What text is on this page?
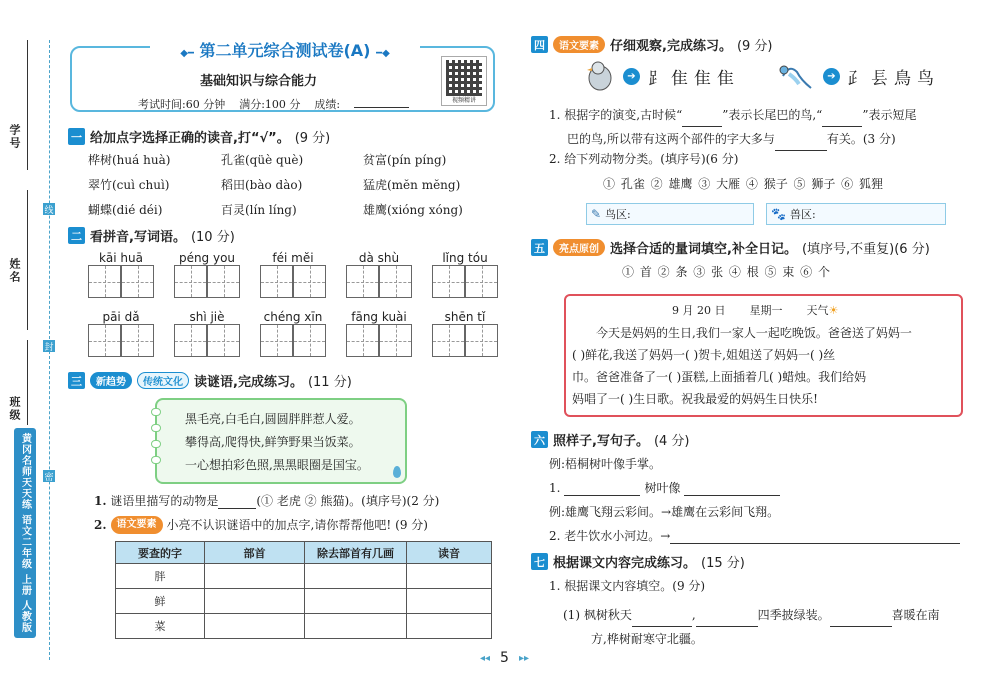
学号
姓名
班级
线
封
密
黄冈名师天天练 语文二年级 上册 人教版
◆━ 第二单元综合测试卷(A) ━◆
基础知识与综合能力
考试时间:60 分钟 满分:100 分 成绩:	视频精讲
一 给加点字选择正确的读音,打“√”。 (9 分)
桦树(huá huà)	孔雀(qüè què)	贫富(pín píng)
翠竹(cuì chuì)	稻田(bào dào)	猛虎(mĕn mĕng)
蝴蝶(dié déi)	百灵(lín líng)	雄鹰(xióng xóng)
二 看拼音,写词语。 (10 分)
kāi huā	péng you	féi mĕi	dà shù	lǐng tóu
pāi dǎ	shì jiè	chéng xīn	fāng kuài	shēn tǐ
三	新趋势	传统文化 读谜语,完成练习。 (11 分)
黑毛亮,白毛白,圆圆胖胖惹人爱。
攀得高,爬得快,鲜笋野果当饭菜。
一心想拍彩色照,黑黑眼圈是国宝。
1. 谜语里描写的动物是	(① 老虎 ② 熊猫)。(填序号)(2 分)
2.	语文要素 小亮不认识谜语中的加点字,请你帮帮他吧! (9 分)
要查的字	部首	除去部首有几画	读音
胖			
鲜			
菜			
◂◂ 5 ▸▸
四	语文要素 仔细观察,完成练习。 (9 分)
➔ ⻊隹隹隹	➔ ⺪⻒鳥鸟
1. 根据字的演变,古时候“	”表示长尾巴的鸟,“	”表示短尾
巴的鸟,所以带有这两个部件的字大多与	有关。(3 分)
2. 给下列动物分类。(填序号)(6 分)
① 孔雀 ② 雄鹰 ③ 大雁 ④ 猴子 ⑤ 狮子 ⑥ 狐狸
✎ 鸟区:	🐾 兽区:
五	亮点原创 选择合适的量词填空,补全日记。 (填序号,不重复)(6 分)
① 首 ② 条 ③ 张 ④ 根 ⑤ 束 ⑥ 个
9 月 20 日 星期一 天气☀
今天是妈妈的生日,我们一家人一起吃晚饭。爸爸送了妈妈一
( )鲜花,我送了妈妈一( )贺卡,姐姐送了妈妈一( )丝
巾。爸爸准备了一( )蛋糕,上面插着几( )蜡烛。我们给妈
妈唱了一( )生日歌。祝我最爱的妈妈生日快乐!
六 照样子,写句子。 (4 分)
例:梧桐树叶像手掌。
1.	树叶像
例:雄鹰飞翔云彩间。→雄鹰在云彩间飞翔。
2. 老牛饮水小河边。→
七 根据课文内容完成练习。 (15 分)
1. 根据课文内容填空。(9 分)
(1) 枫树秋天	,	四季披绿装。	喜暖在南
方,桦树耐寒守北疆。
